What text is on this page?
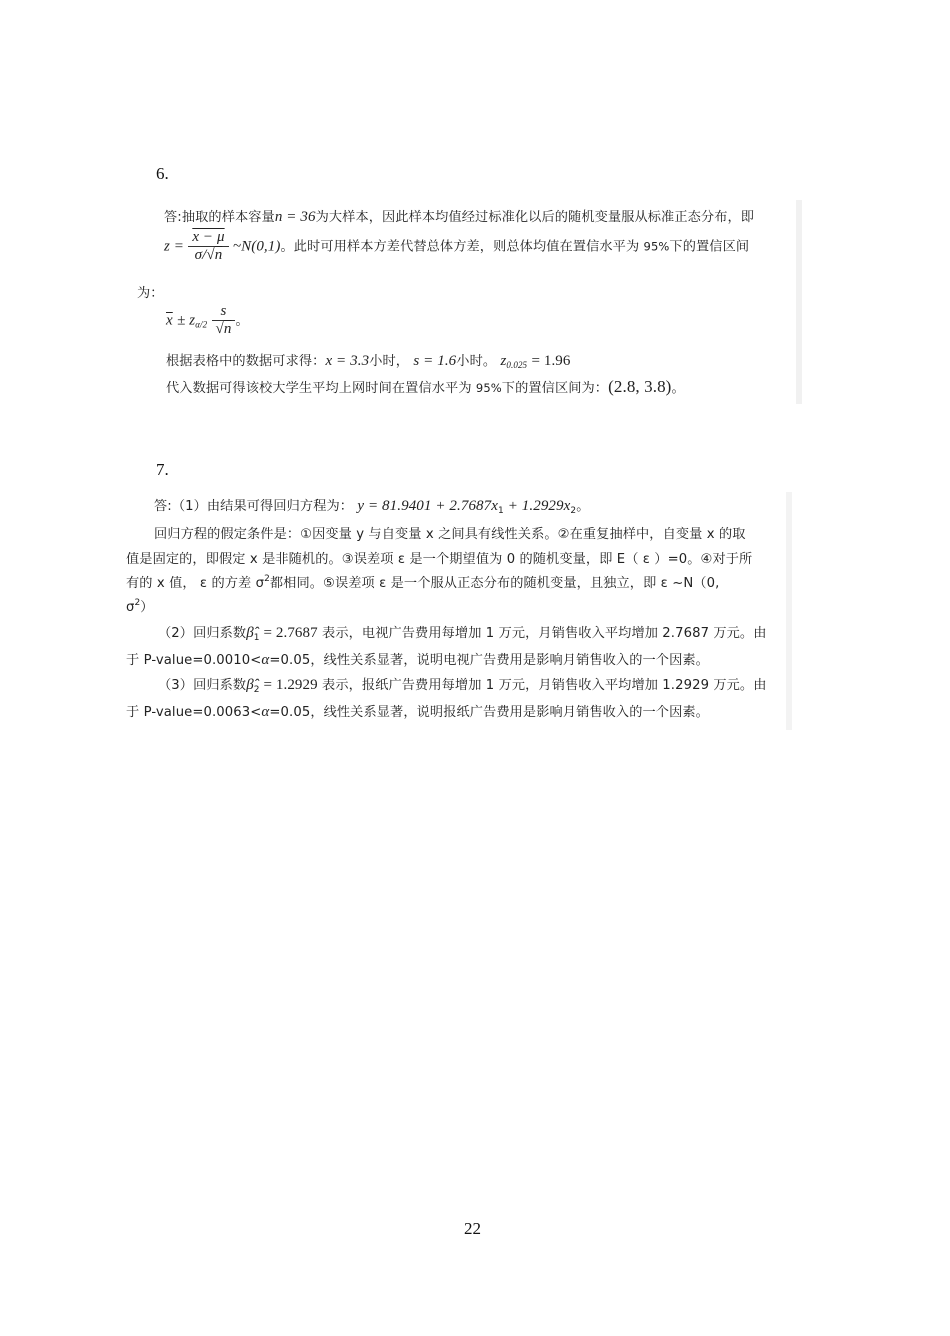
6.
答:抽取的样本容量n = 36为大样本，因此样本均值经过标准化以后的随机变量服从标准正态分布，即
$z = \frac{x - \mu}{\sigma/√n}$ ~N(0,1)。此时可用样本方差代替总体方差，则总体均值在置信水平为 95%下的置信区间
为：
$\overline{x} \pm z_{\alpha/2} \frac{s}{√n}$ 。
根据表格中的数据可求得：x = 3.3小时， s = 1.6小时。 $z_{0.025} = 1.96$
代入数据可得该校大学生平均上网时间在置信水平为 95%下的置信区间为：(2.8, 3.8)。
7.
答:（1）由结果可得回归方程为： $y = 81.9401 + 2.7687x_1 + 1.2929x_2$。
回归方程的假定条件是：①因变量 y 与自变量 x 之间具有线性关系。②在重复抽样中，自变量 x 的取
值是固定的，即假定 x 是非随机的。③误差项 ε 是一个期望值为 0 的随机变量，即 E（ ε ）=0。④对于所
有的 x 值， ε 的方差 $\sigma^2$都相同。⑤误差项 ε 是一个服从正态分布的随机变量，且独立，即 ε ~N（0,
$\sigma^2$）
（2）回归系数$\betâ_1 = 2.7687$ 表示，电视广告费用每增加 1 万元，月销售收入平均增加 2.7687 万元。由
于 P-value=0.0010<α=0.05，线性关系显著，说明电视广告费用是影响月销售收入的一个因素。
（3）回归系数$\betâ_2 = 1.2929$ 表示，报纸广告费用每增加 1 万元，月销售收入平均增加 1.2929 万元。由
于 P-value=0.0063<α=0.05，线性关系显著，说明报纸广告费用是影响月销售收入的一个因素。
22
